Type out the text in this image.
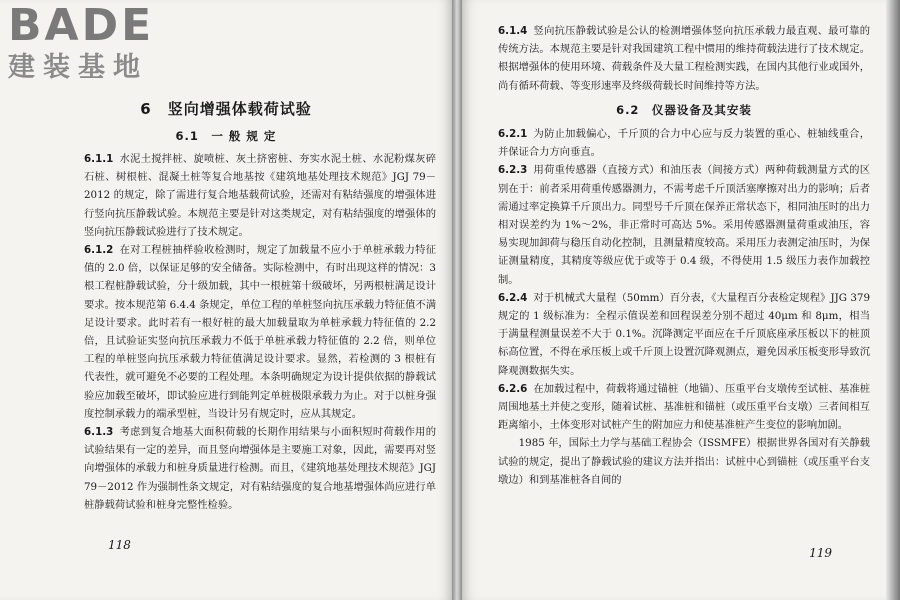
BADE
建装基地
6　竖向增强体载荷试验
6.1　一 般 规 定

6.1.1 水泥土搅拌桩、旋喷桩、灰土挤密桩、夯实水泥土桩、水泥粉煤灰碎石桩、树根桩、混凝土桩等复合地基按《建筑地基处理技术规范》JGJ 79－2012 的规定，除了需进行复合地基载荷试验，还需对有粘结强度的增强体进行竖向抗压静载试验。本规范主要是针对这类规定，对有粘结强度的增强体的竖向抗压静载试验进行了技术规定。

6.1.2 在对工程桩抽样验收检测时，规定了加载量不应小于单桩承载力特征值的 2.0 倍，以保证足够的安全储备。实际检测中，有时出现这样的情况：3 根工程桩静载试验，分十级加载，其中一根桩第十级破坏，另两根桩满足设计要求。按本规范第 6.4.4 条规定，单位工程的单桩竖向抗压承载力特征值不满足设计要求。此时若有一根好桩的最大加载量取为单桩承载力特征值的 2.2 倍，且试验证实竖向抗压承载力不低于单桩承载力特征值的 2.2 倍，则单位工程的单桩竖向抗压承载力特征值满足设计要求。显然，若检测的 3 根桩有代表性，就可避免不必要的工程处理。本条明确规定为设计提供依据的静载试验应加载至破坏，即试验应进行到能判定单桩极限承载力为止。对于以桩身强度控制承载力的端承型桩，当设计另有规定时，应从其规定。

6.1.3 考虑到复合地基大面积荷载的长期作用结果与小面积短时荷载作用的试验结果有一定的差异，而且竖向增强体是主要施工对象，因此，需要再对竖向增强体的承载力和桩身质量进行检测。而且，《建筑地基处理技术规范》JGJ 79－2012 作为强制性条文规定，对有粘结强度的复合地基增强体尚应进行单桩静载荷试验和桩身完整性检验。

118

6.1.4 竖向抗压静载试验是公认的检测增强体竖向抗压承载力最直观、最可靠的传统方法。本规范主要是针对我国建筑工程中惯用的维持荷载法进行了技术规定。根据增强体的使用环境、荷载条件及大量工程检测实践，在国内其他行业或国外，尚有循环荷载、等变形速率及终级荷载长时间维持等方法。

6.2　仪器设备及其安装

6.2.1 为防止加载偏心，千斤顶的合力中心应与反力装置的重心、桩轴线重合，并保证合力方向垂直。

6.2.3 用荷重传感器（直接方式）和油压表（间接方式）两种荷载测量方式的区别在于：前者采用荷重传感器测力，不需考虑千斤顶活塞摩擦对出力的影响；后者需通过率定换算千斤顶出力。同型号千斤顶在保养正常状态下，相同油压时的出力相对误差约为 1%～2%，非正常时可高达 5%。采用传感器测量荷重或油压，容易实现加卸荷与稳压自动化控制，且测量精度较高。采用压力表测定油压时，为保证测量精度，其精度等级应优于或等于 0.4 级，不得使用 1.5 级压力表作加载控制。

6.2.4 对于机械式大量程（50mm）百分表，《大量程百分表检定规程》JJG 379 规定的 1 级标准为：全程示值误差和回程误差分别不超过 40μm 和 8μm，相当于满量程测量误差不大于 0.1%。沉降测定平面应在千斤顶底座承压板以下的桩顶标高位置，不得在承压板上或千斤顶上设置沉降观测点，避免因承压板变形导致沉降观测数据失实。

6.2.6 在加载过程中，荷载将通过锚桩（地锚）、压重平台支墩传至试桩、基准桩周围地基土并使之变形，随着试桩、基准桩和锚桩（或压重平台支墩）三者间相互距离缩小，土体变形对试桩产生的附加应力和使基准桩产生变位的影响加剧。

1985 年，国际土力学与基础工程协会（ISSMFE）根据世界各国对有关静载试验的规定，提出了静载试验的建议方法并指出：试桩中心到锚桩（或压重平台支墩边）和到基准桩各自间的

119
